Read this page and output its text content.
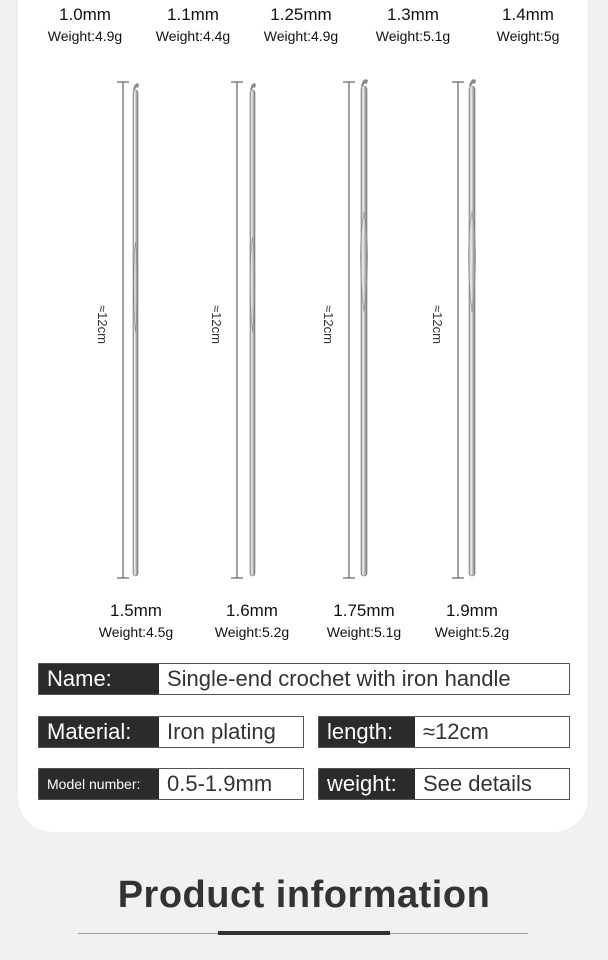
1.0mm
Weight:4.9g
1.1mm
Weight:4.4g
1.25mm
Weight:4.9g
1.3mm
Weight:5.1g
1.4mm
Weight:5g
≈12cm	≈12cm	≈12cm	≈12cm
1.5mm
Weight:4.5g
1.6mm
Weight:5.2g
1.75mm
Weight:5.1g
1.9mm
Weight:5.2g
Name:	Single-end crochet with iron handle
Material:	Iron plating	length:	≈12cm
Model number:	0.5-1.9mm	weight:	See details
Product information
